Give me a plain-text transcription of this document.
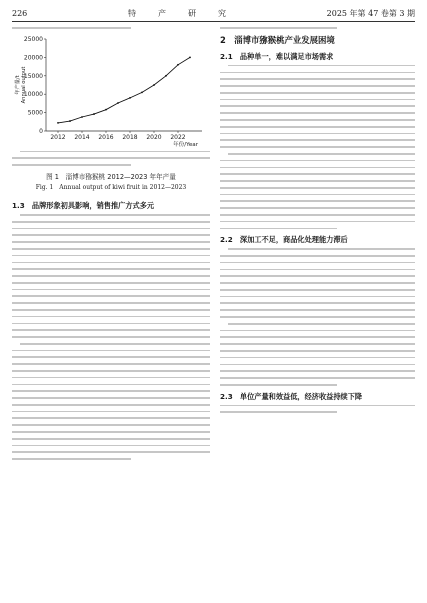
226	特	产	研	究	2025 年第 47 卷第 3 期
2012 2014 2016 2018 2020 2022
0
5000
10000
15000
20000
25000
年产量/tAnnual output
年份/Year
图 1　淄博市猕猴桃 2012—2023 年年产量
Fig. 1　Annual output of kiwi fruit in 2012—2023
1.3　品牌形象初具影响，销售推广方式多元
2　淄博市猕猴桃产业发展困境
2.1　品种单一，难以满足市场需求
2.2　深加工不足，商品化处理能力滞后
2.3　单位产量和效益低，经济收益持续下降
